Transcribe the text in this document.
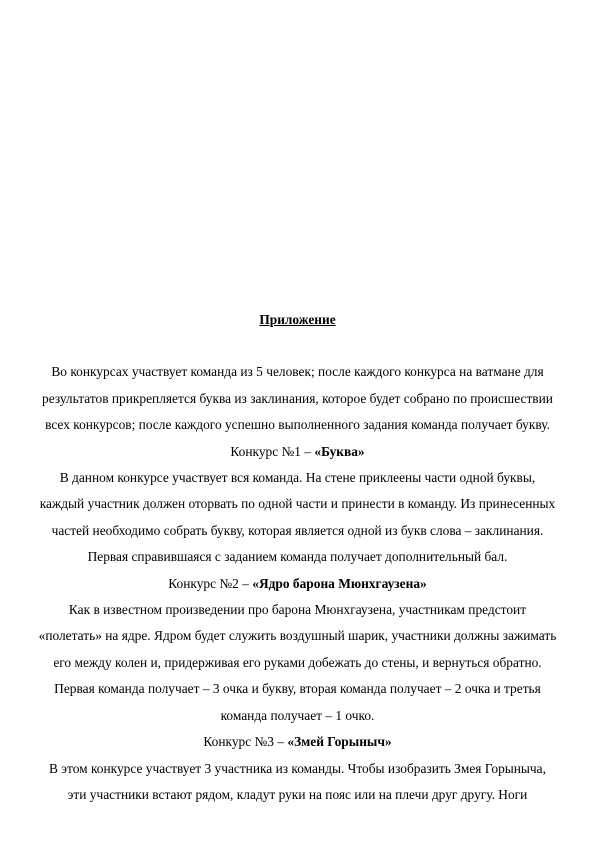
Приложение
Во конкурсах участвует команда из 5 человек; после каждого конкурса на ватмане для
результатов прикрепляется буква из заклинания, которое будет собрано по происшествии
всех конкурсов; после каждого успешно выполненного задания команда получает букву.
Конкурс №1 – «Буква»
В данном конкурсе участвует вся команда. На стене приклеены части одной буквы,
каждый участник должен оторвать по одной части и принести в команду. Из принесенных
частей необходимо собрать букву, которая является одной из букв слова – заклинания.
Первая справившаяся с заданием команда получает дополнительный бал.
Конкурс №2 – «Ядро барона Мюнхгаузена»
Как в известном произведении про барона Мюнхгаузена, участникам предстоит
«полетать» на ядре. Ядром будет служить воздушный шарик, участники должны зажимать
его между колен и, придерживая его руками добежать до стены, и вернуться обратно.
Первая команда получает – 3 очка и букву, вторая команда получает – 2 очка и третья
команда получает – 1 очко.
Конкурс №3 – «Змей Горыныч»
В этом конкурсе участвует 3 участника из команды. Чтобы изобразить Змея Горыныча,
эти участники встают рядом, кладут руки на пояс или на плечи друг другу. Ноги
